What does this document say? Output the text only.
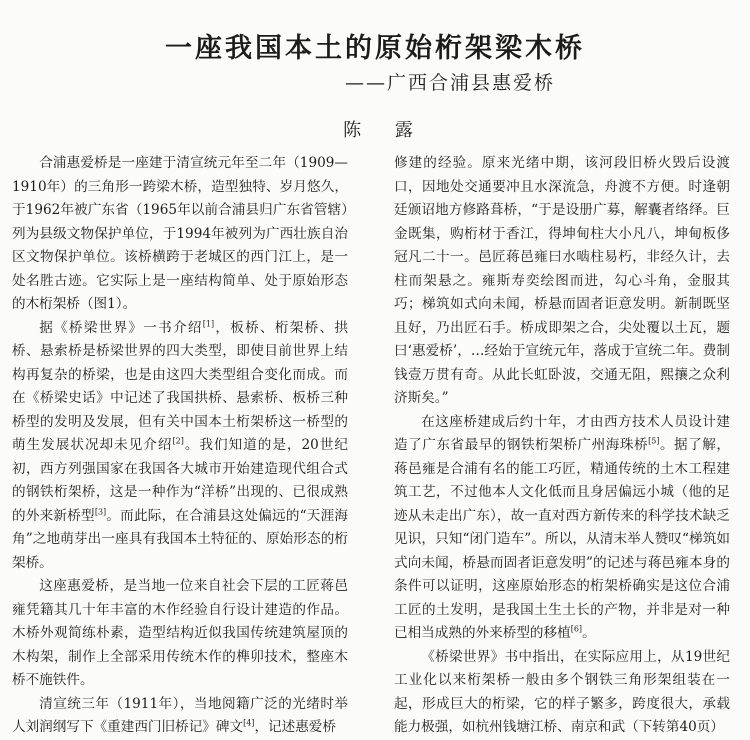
一座我国本土的原始桁架梁木桥
——广西合浦县惠爱桥
陈 露

合浦惠爱桥是一座建于清宣统元年至二年（1909—1910年）的三角形一跨梁木桥，造型独特、岁月悠久，于1962年被广东省（1965年以前合浦县归广东省管辖）列为县级文物保护单位，于1994年被列为广西壮族自治区文物保护单位。该桥横跨于老城区的西门江上，是一处名胜古迹。它实际上是一座结构简单、处于原始形态的木桁架桥（图1）。

据《桥梁世界》一书介绍[1]，板桥、桁架桥、拱桥、悬索桥是桥梁世界的四大类型，即使目前世界上结构再复杂的桥梁，也是由这四大类型组合变化而成。而在《桥梁史话》中记述了我国拱桥、悬索桥、板桥三种桥型的发明及发展，但有关中国本土桁架桥这一桥型的萌生发展状况却未见介绍[2]。我们知道的是，20世纪初，西方列强国家在我国各大城市开始建造现代组合式的钢铁桁架桥，这是一种作为“洋桥”出现的、已很成熟的外来新桥型[3]。而此际，在合浦县这处偏远的“天涯海角”之地萌芽出一座具有我国本土特征的、原始形态的桁架桥。

这座惠爱桥，是当地一位来自社会下层的工匠蒋邑雍凭籍其几十年丰富的木作经验自行设计建造的作品。木桥外观简练朴素，造型结构近似我国传统建筑屋顶的木构架，制作上全部采用传统木作的榫卯技术，整座木桥不施铁件。

清宣统三年（1911年），当地阅籍广泛的光绪时举人刘润纲写下《重建西门旧桥记》碑文[4]，记述惠爱桥

修建的经验。原来光绪中期，该河段旧桥火毁后设渡口，因地处交通要冲且水深流急，舟渡不方便。时逢朝廷颁诏地方修路葺桥，“于是设册广募，解囊者络绎。巨金既集，购桁材于香江，得坤甸柱大小凡八，坤甸板侈冠凡二十一。邑匠蒋邑雍曰水啮柱易朽，非经久计，去柱而架悬之。雍斯寿奕绘图而进，勾心斗角，金服其巧；梯筑如式向未闻，桥悬而固者讵意发明。新制既坚且好，乃出匠石手。桥成即架之合，尖处覆以土瓦，题曰‘惠爱桥’，…经始于宣统元年，落成于宣统二年。费制钱壹万贯有奇。从此长虹卧波，交通无阻，熙攘之众利济斯矣。”

在这座桥建成后约十年，才由西方技术人员设计建造了广东省最早的钢铁桁架桥广州海珠桥[5]。据了解，蒋邑雍是合浦有名的能工巧匠，精通传统的土木工程建筑工艺，不过他本人文化低而且身居偏远小城（他的足迹从未走出广东），故一直对西方新传来的科学技术缺乏见识，只知“闭门造车”。所以，从清末举人赞叹“梯筑如式向未闻，桥悬而固者讵意发明”的记述与蒋邑雍本身的条件可以证明，这座原始形态的桁架桥确实是这位合浦工匠的土发明，是我国土生土长的产物，并非是对一种已相当成熟的外来桥型的移植[6]。

《桥梁世界》书中指出，在实际应用上，从19世纪工业化以来桁架桥一般由多个钢铁三角形架组装在一起，形成巨大的桁梁，它的样子繁多，跨度很大，承载能力极强，如杭州钱塘江桥、南京和武（下转第40页）
